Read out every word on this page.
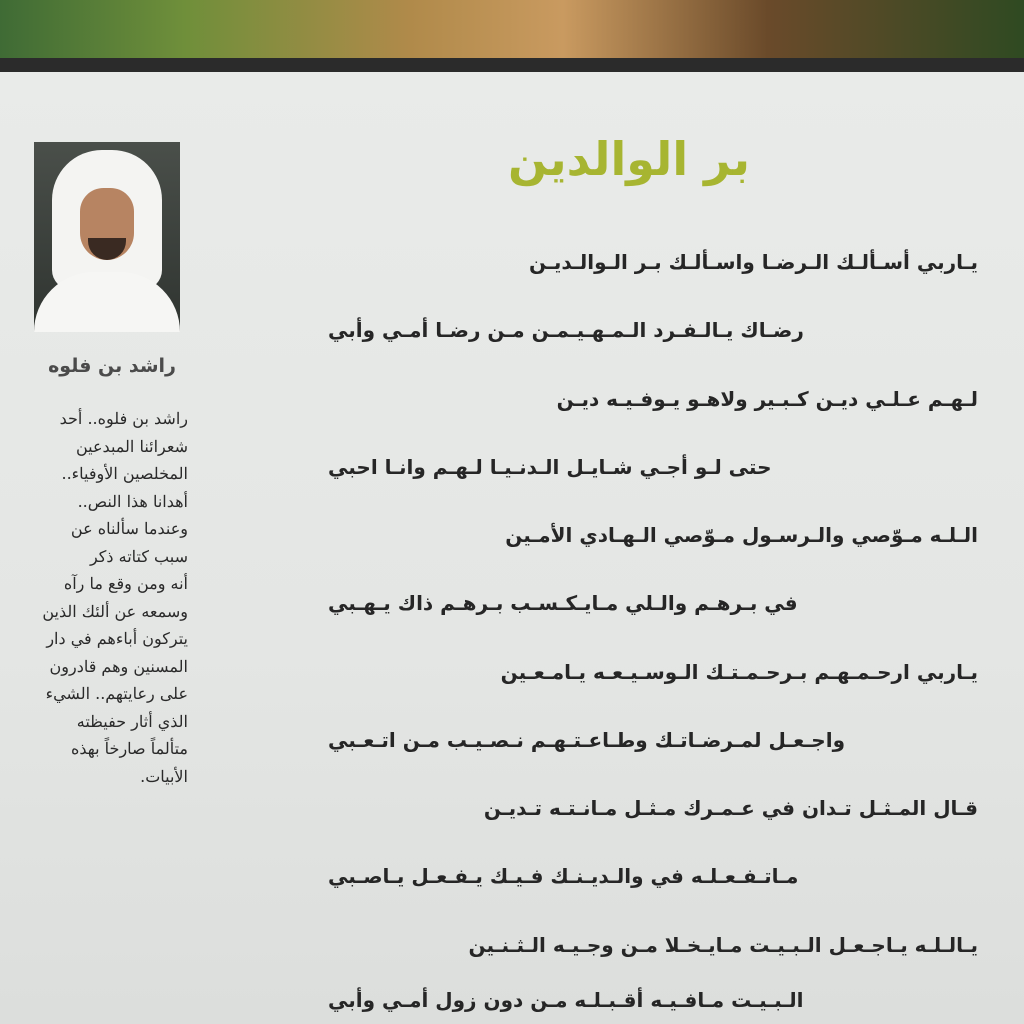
بر الوالدين
راشد بن فلوه
راشد بن فلوه.. أحد
شعرائنا المبدعين
المخلصين الأوفياء..
أهدانا هذا النص..
وعندما سألناه عن
سبب كتاته ذكر
أنه ومن وقع ما رآه
وسمعه عن ألئك الذين
يتركون أباءهم في دار
المسنين وهم قادرون
على رعايتهم.. الشيء
الذي أثار حفيظته
متألماً صارخاً بهذه
الأبيات.
يـاربي أسـألـك الـرضـا واسـألـك بـر الـوالـديـن
رضـاك يـالـفـرد الـمـهـيـمـن مـن رضـا أمـي وأبي
لـهـم عـلـي ديـن كـبـير ولاهـو يـوفـيـه ديـن
حتى لـو أجـي شـايـل الـدنـيـا لـهـم وانـا احبي
الـلـه مـوّصي والـرسـول مـوّصي الـهـادي الأمـين
في بـرهـم والـلي مـايـكـسـب بـرهـم ذاك يـهـبي
يـاربي ارحـمـهـم بـرحـمـتـك الـوسـيـعـه يـامـعـين
واجـعـل لمـرضـاتـك وطـاعـتـهـم نـصـيـب مـن اتـعـبي
قـال المـثـل تـدان في عـمـرك مـثـل مـانـتـه تـديـن
مـاتـفـعـلـه في والـديـنـك فـيـك يـفـعـل يـاصـبي
يـالـلـه يـاجـعـل الـبـيـت مـايـخـلا مـن وجـيـه الـثـنـين
الـبـيـت مـافـيـه أقـبـلـه مـن دون زول أمـي وأبي
